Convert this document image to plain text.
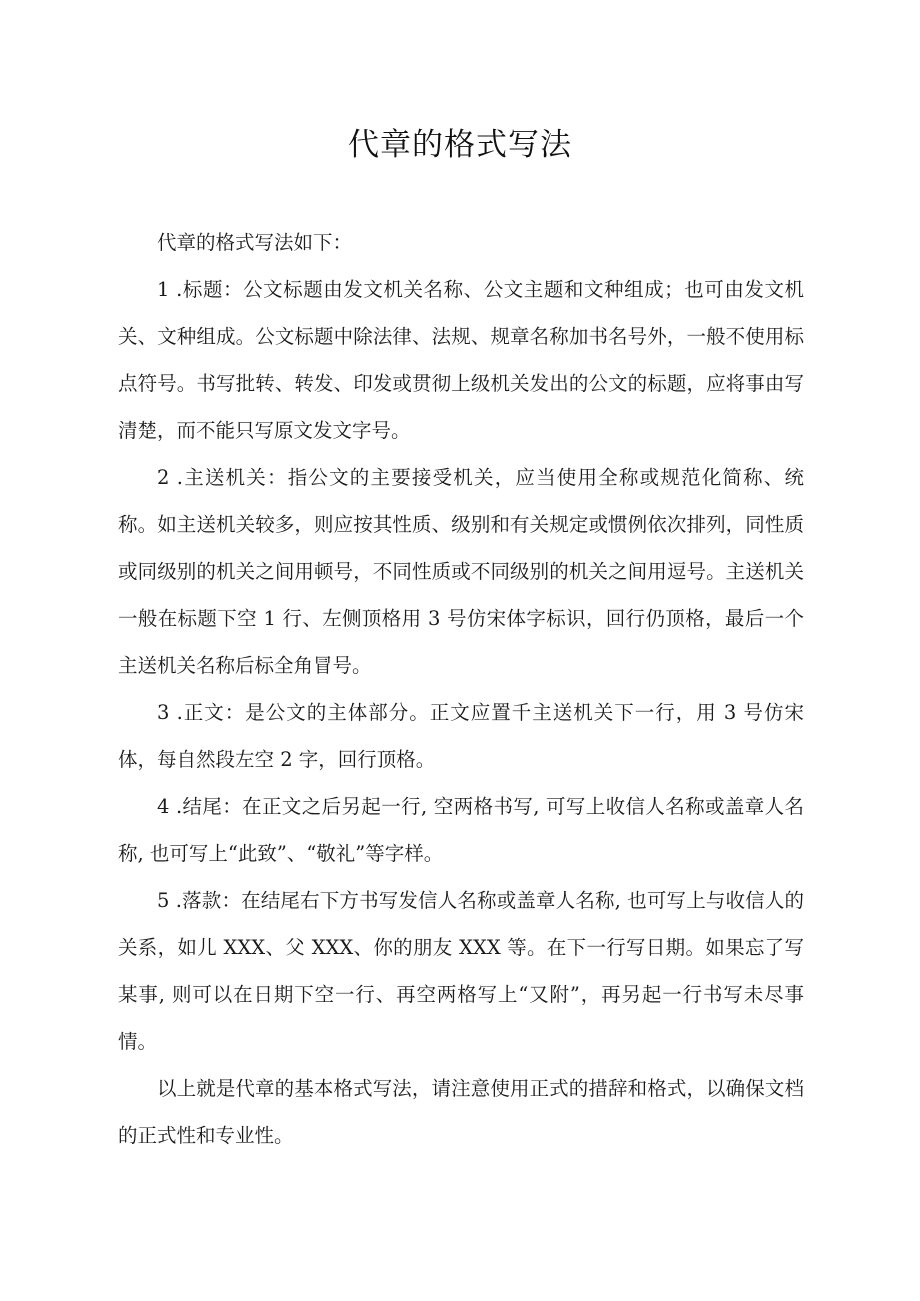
代章的格式写法

代章的格式写法如下：

1 .标题：公文标题由发文机关名称、公文主题和文种组成；也可由发文机关、文种组成。公文标题中除法律、法规、规章名称加书名号外，一般不使用标点符号。书写批转、转发、印发或贯彻上级机关发出的公文的标题，应将事由写清楚，而不能只写原文发文字号。

2 .主送机关：指公文的主要接受机关，应当使用全称或规范化简称、统称。如主送机关较多，则应按其性质、级别和有关规定或惯例依次排列，同性质或同级别的机关之间用顿号，不同性质或不同级别的机关之间用逗号。主送机关一般在标题下空 1 行、左侧顶格用 3 号仿宋体字标识，回行仍顶格，最后一个主送机关名称后标全角冒号。

3 .正文：是公文的主体部分。正文应置千主送机关下一行，用 3 号仿宋体，每自然段左空 2 字，回行顶格。

4 .结尾：在正文之后另起一行, 空两格书写, 可写上收信人名称或盖章人名称, 也可写上“此致”、“敬礼”等字样。

5 .落款：在结尾右下方书写发信人名称或盖章人名称, 也可写上与收信人的关系，如儿 XXX、父 XXX、你的朋友 XXX 等。在下一行写日期。如果忘了写某事, 则可以在日期下空一行、再空两格写上“又附”，再另起一行书写未尽事情。

以上就是代章的基本格式写法，请注意使用正式的措辞和格式，以确保文档的正式性和专业性。
